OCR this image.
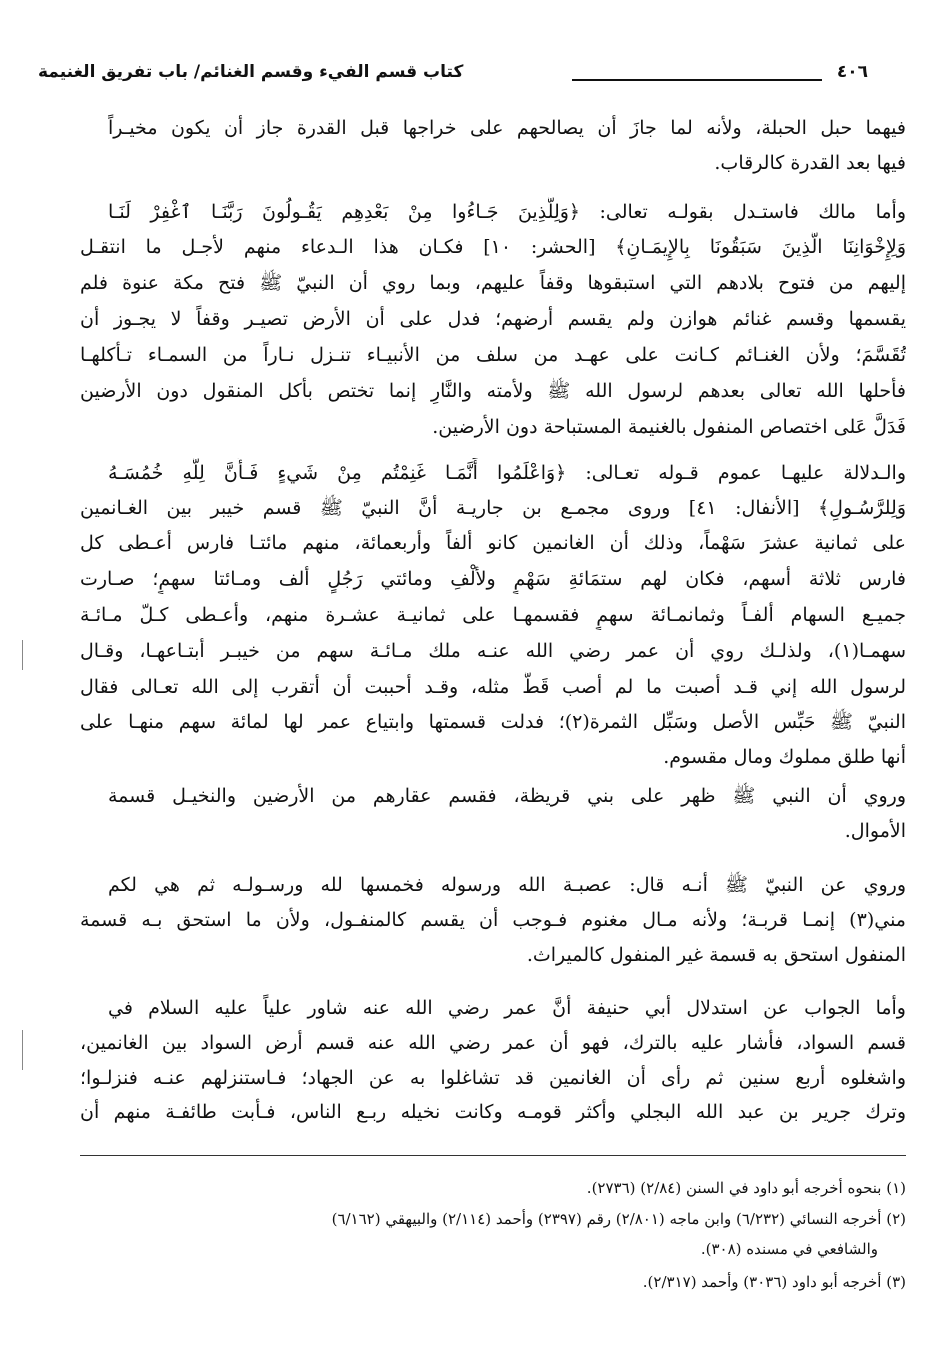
٤٠٦
كتاب قسم الفيء وقسم الغنائم/ باب تفريق الغنيمة
فيهما حبل الحبلة، ولأنه لما جازَ أن يصالحهم على خراجها قبل القدرة جاز أن يكون مخيـراً
فيها بعد القدرة كالرقاب.
وأما مالك فاستـدل بقولـه تعالى: ﴿وَلِلَّذِينَ جَـاءُوا مِنْ بَعْدِهِم يَقُـولُونَ رَبَّنَـا ٱغْفِرْ لَنَـا
وَلِإِخْوَانِنَا الَّذِينَ سَبَقُونَا بِالإِيمَـانِ﴾ [الحشر: ١٠] فكـان هذا الـدعاء منهم لأجـل ما انتقـل
إليهم من فتوح بلادهم التي استبقوها وقفاً عليهم، وبما روي أن النبيّ ﷺ فتح مكة عنوة فلم
يقسمها وقسم غنائم هوازن ولم يقسم أرضهم؛ فدل على أن الأرض تصيـر وقفاً لا يجـوز أن
تُقَسَّمَ؛ ولأن الغنـائم كـانت على عهـد من سلف من الأنبيـاء تنـزل نـاراً من السمـاء تـأكلهـا
فأحلها الله تعالى بعدهم لرسول الله ﷺ ولأمته والنَّارِ إنما تختص بأكل المنقول دون الأرضين
فَدَلَّ عَلى اختصاص المنفول بالغنيمة المستباحة دون الأرضين.
والـدلالة عليهـا عموم قـوله تعـالى: ﴿وَاعْلَمُوا أَنَّمَـا غَنِمْتُم مِنْ شَيءٍ فَـأَنَّ لِلَّهِ خُمُسَـهُ
وَلِلرَّسُـولِ﴾ [الأنفال: ٤١] وروى مجمـع بن جاريـة أنَّ النبيّ ﷺ قسم خيبر بين الغـانمين
على ثمانية عشرَ سَهْماً، وذلك أن الغانمين كانو ألفاً وأربعمائة، منهم مائتـا فارس أعـطى كل
فارس ثلاثة أسهم، فكان لهم ستمَائةِ سَهْمٍ ولألْفِ ومائتي رَجُلٍ ألف ومـائتا سهمٍ؛ صـارت
جميـع السهام ألفـاً وثمانمـائة سهمٍ فقسمهـا على ثمانيـة عشـرة منهم، وأعـطى كـلّ مـائـة
سهمـا(١)، ولذلـك روي أن عمر رضي الله عنـه ملك مـائـة سهم من خيبـر أبتـاعهـا، وقـال
لرسول الله إني قـد أصبت ما لم أصب قَطُّ مثله، وقـد أحببت أن أتقرب إلى الله تعـالى فقال
النبيّ ﷺ حَبِّس الأصل وسَبِّل الثمرة(٢)؛ فدلت قسمتها وابتياع عمر لها لمائة سهم منهـا على
أنها طلق مملوك ومال مقسوم.
وروي أن النبي ﷺ ظهر على بني قريظة، فقسم عقارهم من الأرضين والنخيـل قسمة
الأموال.
وروي عن النبيّ ﷺ أنـه قال: عصبـة الله ورسوله فخمسها لله ورسـولـه ثم هي لكم
مني(٣) إنمـا قربـة؛ ولأنه مـال مغنوم فـوجب أن يقسم كالمنفـول، ولأن ما استحق بـه قسمة
المنفول استحق به قسمة غير المنفول كالميراث.
وأما الجواب عن استدلال أبي حنيفة أنَّ عمر رضي الله عنه شاور علياً عليه السلام في
قسم السواد، فأشار عليه بالترك، فهو أن عمر رضي الله عنه قسم أرض السواد بين الغانمين،
واشغلوه أربع سنين ثم رأى أن الغانمين قد تشاغلوا به عن الجهاد؛ فـاستنزلهم عنـه فنزلـوا؛
وترك جرير بن عبد الله البجلي وأكثر قومـه وكانت نخيله ربـع الناس، فـأبت طائفـة منهم أن
(١) بنحوه أخرجه أبو داود في السنن (٢/٨٤) (٢٧٣٦).
(٢) أخرجه النسائي (٦/٢٣٢) وابن ماجه (٢/٨٠١) رقم (٢٣٩٧) وأحمد (٢/١١٤) والبيهقي (٦/١٦٢)
والشافعي في مسنده (٣٠٨).
(٣) أخرجه أبو داود (٣٠٣٦) وأحمد (٢/٣١٧).
